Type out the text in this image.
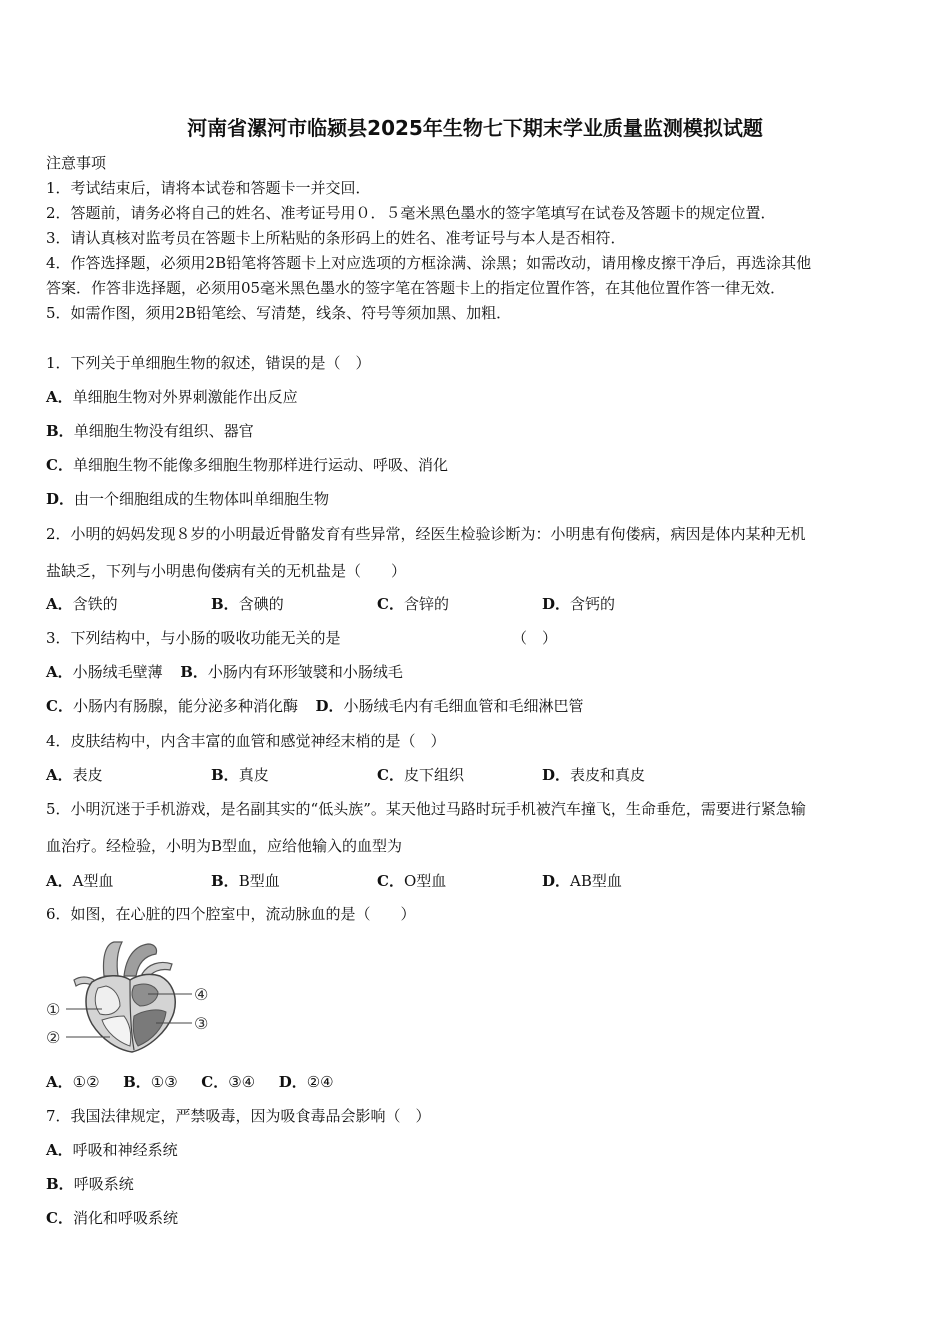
河南省漯河市临颍县2025年生物七下期末学业质量监测模拟试题
注意事项
1．考试结束后，请将本试卷和答题卡一并交回．
2．答题前，请务必将自己的姓名、准考证号用０．５毫米黑色墨水的签字笔填写在试卷及答题卡的规定位置．
3．请认真核对监考员在答题卡上所粘贴的条形码上的姓名、准考证号与本人是否相符．
4．作答选择题，必须用2B铅笔将答题卡上对应选项的方框涂满、涂黑；如需改动，请用橡皮擦干净后，再选涂其他
答案．作答非选择题，必须用05毫米黑色墨水的签字笔在答题卡上的指定位置作答，在其他位置作答一律无效．
5．如需作图，须用2B铅笔绘、写清楚，线条、符号等须加黑、加粗．
1．下列关于单细胞生物的叙述，错误的是（　）
A．单细胞生物对外界刺激能作出反应
B．单细胞生物没有组织、器官
C．单细胞生物不能像多细胞生物那样进行运动、呼吸、消化
D．由一个细胞组成的生物体叫单细胞生物
2．小明的妈妈发现８岁的小明最近骨骼发育有些异常，经医生检验诊断为：小明患有佝偻病，病因是体内某种无机
盐缺乏，下列与小明患佝偻病有关的无机盐是（　　）
A．含铁的	B．含碘的	C．含锌的	D．含钙的
3．下列结构中，与小肠的吸收功能无关的是	（　）
A．小肠绒毛壁薄 B．小肠内有环形皱襞和小肠绒毛
C．小肠内有肠腺，能分泌多种消化酶 D．小肠绒毛内有毛细血管和毛细淋巴管
4．皮肤结构中，内含丰富的血管和感觉神经末梢的是（　）
A．表皮	B．真皮	C．皮下组织	D．表皮和真皮
5．小明沉迷于手机游戏，是名副其实的“低头族”。某天他过马路时玩手机被汽车撞飞，生命垂危，需要进行紧急输
血治疗。经检验，小明为B型血，应给他输入的血型为
A．A型血	B．B型血	C．O型血	D．AB型血
6．如图，在心脏的四个腔室中，流动脉血的是（　　）
①
②
③
④
A．①② B．①③ C．③④ D．②④
7．我国法律规定，严禁吸毒，因为吸食毒品会影响（　）
A．呼吸和神经系统
B．呼吸系统
C．消化和呼吸系统
